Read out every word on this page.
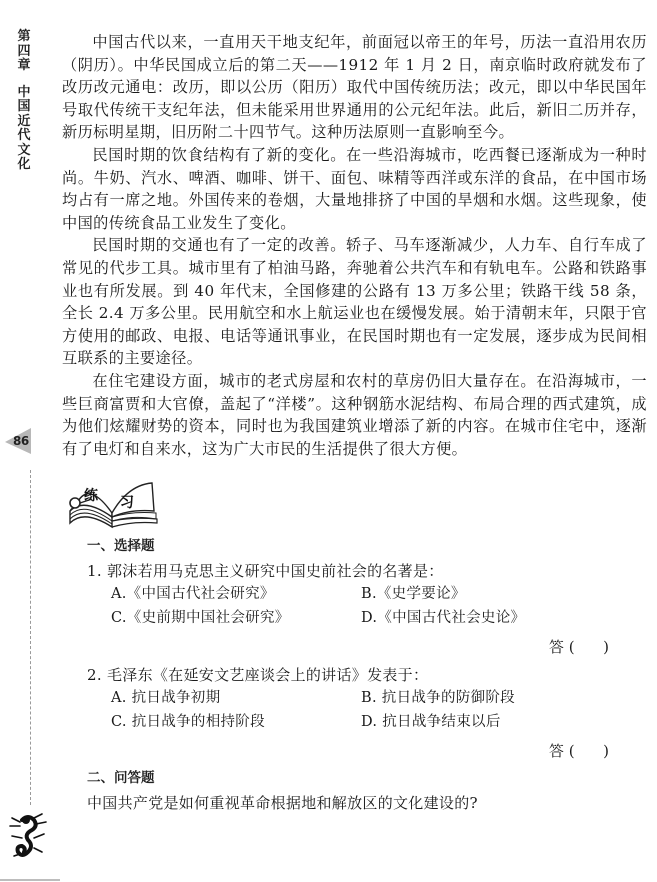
第
四
章
中
国
近
代
文
化
86

中国古代以来，一直用天干地支纪年，前面冠以帝王的年号，历法一直沿用农历（阴历）。中华民国成立后的第二天——1912 年 1 月 2 日，南京临时政府就发布了改历改元通电：改历，即以公历（阳历）取代中国传统历法；改元，即以中华民国年号取代传统干支纪年法，但未能采用世界通用的公元纪年法。此后，新旧二历并存，新历标明星期，旧历附二十四节气。这种历法原则一直影响至今。

民国时期的饮食结构有了新的变化。在一些沿海城市，吃西餐已逐渐成为一种时尚。牛奶、汽水、啤酒、咖啡、饼干、面包、味精等西洋或东洋的食品，在中国市场均占有一席之地。外国传来的卷烟，大量地排挤了中国的旱烟和水烟。这些现象，使中国的传统食品工业发生了变化。

民国时期的交通也有了一定的改善。轿子、马车逐渐减少，人力车、自行车成了常见的代步工具。城市里有了柏油马路，奔驰着公共汽车和有轨电车。公路和铁路事业也有所发展。到 40 年代末，全国修建的公路有 13 万多公里；铁路干线 58 条，全长 2.4 万多公里。民用航空和水上航运业也在缓慢发展。始于清朝末年，只限于官方使用的邮政、电报、电话等通讯事业，在民国时期也有一定发展，逐步成为民间相互联系的主要途径。

在住宅建设方面，城市的老式房屋和农村的草房仍旧大量存在。在沿海城市，一些巨商富贾和大官僚，盖起了“洋楼”。这种钢筋水泥结构、布局合理的西式建筑，成为他们炫耀财势的资本，同时也为我国建筑业增添了新的内容。在城市住宅中，逐渐有了电灯和自来水，这为广大市民的生活提供了很大方便。

练 习
一、选择题

1. 郭沫若用马克思主义研究中国史前社会的名著是：

A.《中国古代社会研究》	B.《史学要论》
C.《史前期中国社会研究》	D.《中国古代社会史论》
答 (      )

2. 毛泽东《在延安文艺座谈会上的讲话》发表于：

A. 抗日战争初期	B. 抗日战争的防御阶段
C. 抗日战争的相持阶段	D. 抗日战争结束以后
答 (      )
二、问答题

中国共产党是如何重视革命根据地和解放区的文化建设的?
